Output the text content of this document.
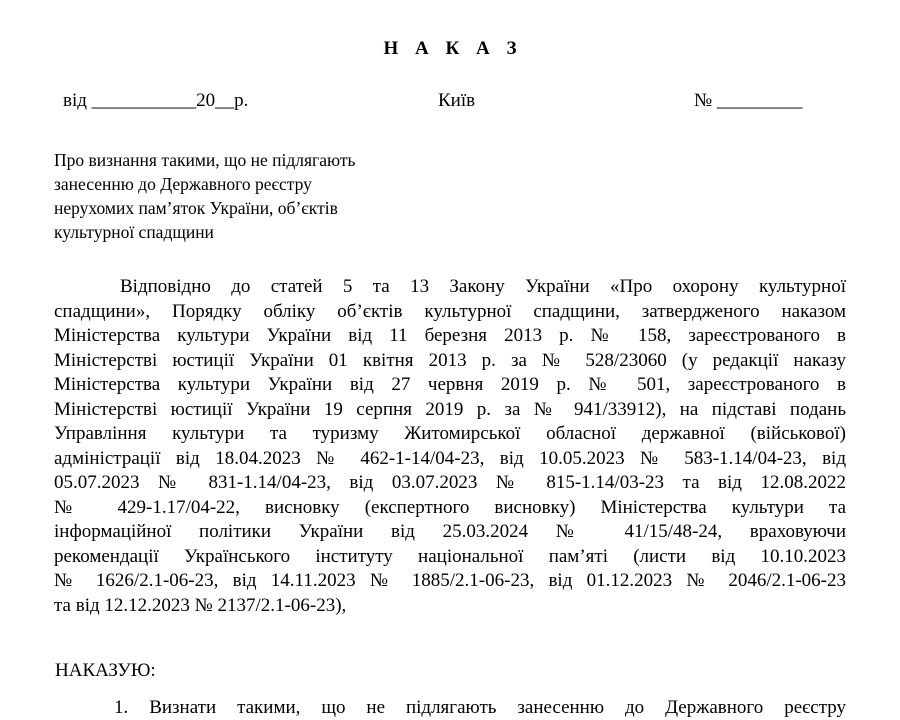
Н А К А З
від ___________20__р.	Київ	№ _________
Про визнання такими, що не підлягають
занесенню до Державного реєстру
нерухомих пам’яток України, об’єктів
культурної спадщини
Відповідно до статей 5 та 13 Закону України «Про охорону культурної
спадщини», Порядку обліку об’єктів культурної спадщини, затвердженого наказом
Міністерства культури України від 11 березня 2013 р. № 158, зареєстрованого в
Міністерстві юстиції України 01 квітня 2013 р. за № 528/23060 (у редакції наказу
Міністерства культури України від 27 червня 2019 р. № 501, зареєстрованого в
Міністерстві юстиції України 19 серпня 2019 р. за № 941/33912), на підставі подань
Управління культури та туризму Житомирської обласної державної (військової)
адміністрації від 18.04.2023 № 462-1-14/04-23, від 10.05.2023 № 583-1.14/04-23, від
05.07.2023 № 831-1.14/04-23, від 03.07.2023 № 815-1.14/03-23 та від 12.08.2022
№ 429-1.17/04-22, висновку (експертного висновку) Міністерства культури та
інформаційної політики України від 25.03.2024 № 41/15/48-24, враховуючи
рекомендації Українського інституту національної пам’яті (листи від 10.10.2023
№ 1626/2.1-06-23, від 14.11.2023 № 1885/2.1-06-23, від 01.12.2023 № 2046/2.1-06-23
та від 12.12.2023 № 2137/2.1-06-23),
НАКАЗУЮ:
1. Визнати такими, що не підлягають занесенню до Державного реєстру
